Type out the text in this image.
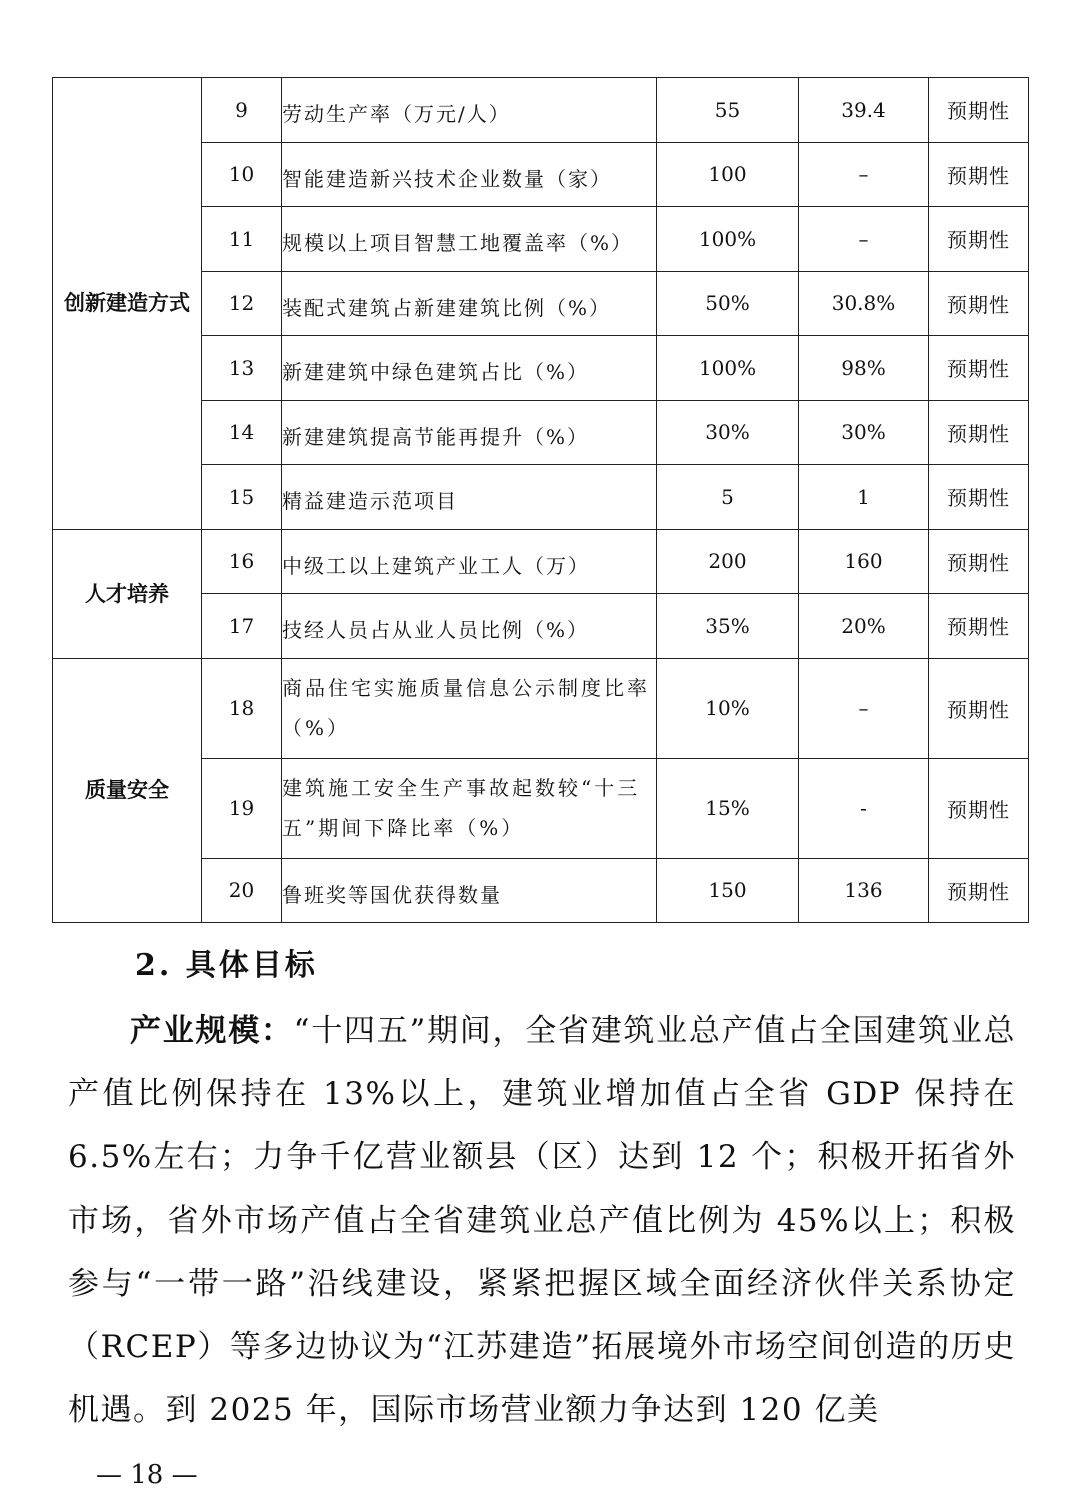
创新建造方式	9	劳动生产率（万元/人）	55	39.4	预期性
	10	智能建造新兴技术企业数量（家）	100	–	预期性
	11	规模以上项目智慧工地覆盖率（%）	100%	–	预期性
	12	装配式建筑占新建建筑比例（%）	50%	30.8%	预期性
	13	新建建筑中绿色建筑占比（%）	100%	98%	预期性
	14	新建建筑提高节能再提升（%）	30%	30%	预期性
	15	精益建造示范项目	5	1	预期性
人才培养	16	中级工以上建筑产业工人（万）	200	160	预期性
	17	技经人员占从业人员比例（%）	35%	20%	预期性
质量安全	18	商品住宅实施质量信息公示制度比率（%）	10%	–	预期性
	19	建筑施工安全生产事故起数较“十三五”期间下降比率（%）	15%	-	预期性
	20	鲁班奖等国优获得数量	150	136	预期性
2. 具体目标

产业规模：“十四五”期间，全省建筑业总产值占全国建筑业总产值比例保持在 13%以上，建筑业增加值占全省 GDP 保持在 6.5%左右；力争千亿营业额县（区）达到 12 个；积极开拓省外市场，省外市场产值占全省建筑业总产值比例为 45%以上；积极参与“一带一路”沿线建设，紧紧把握区域全面经济伙伴关系协定（RCEP）等多边协议为“江苏建造”拓展境外市场空间创造的历史机遇。到 2025 年，国际市场营业额力争达到 120 亿美

— 18 —
